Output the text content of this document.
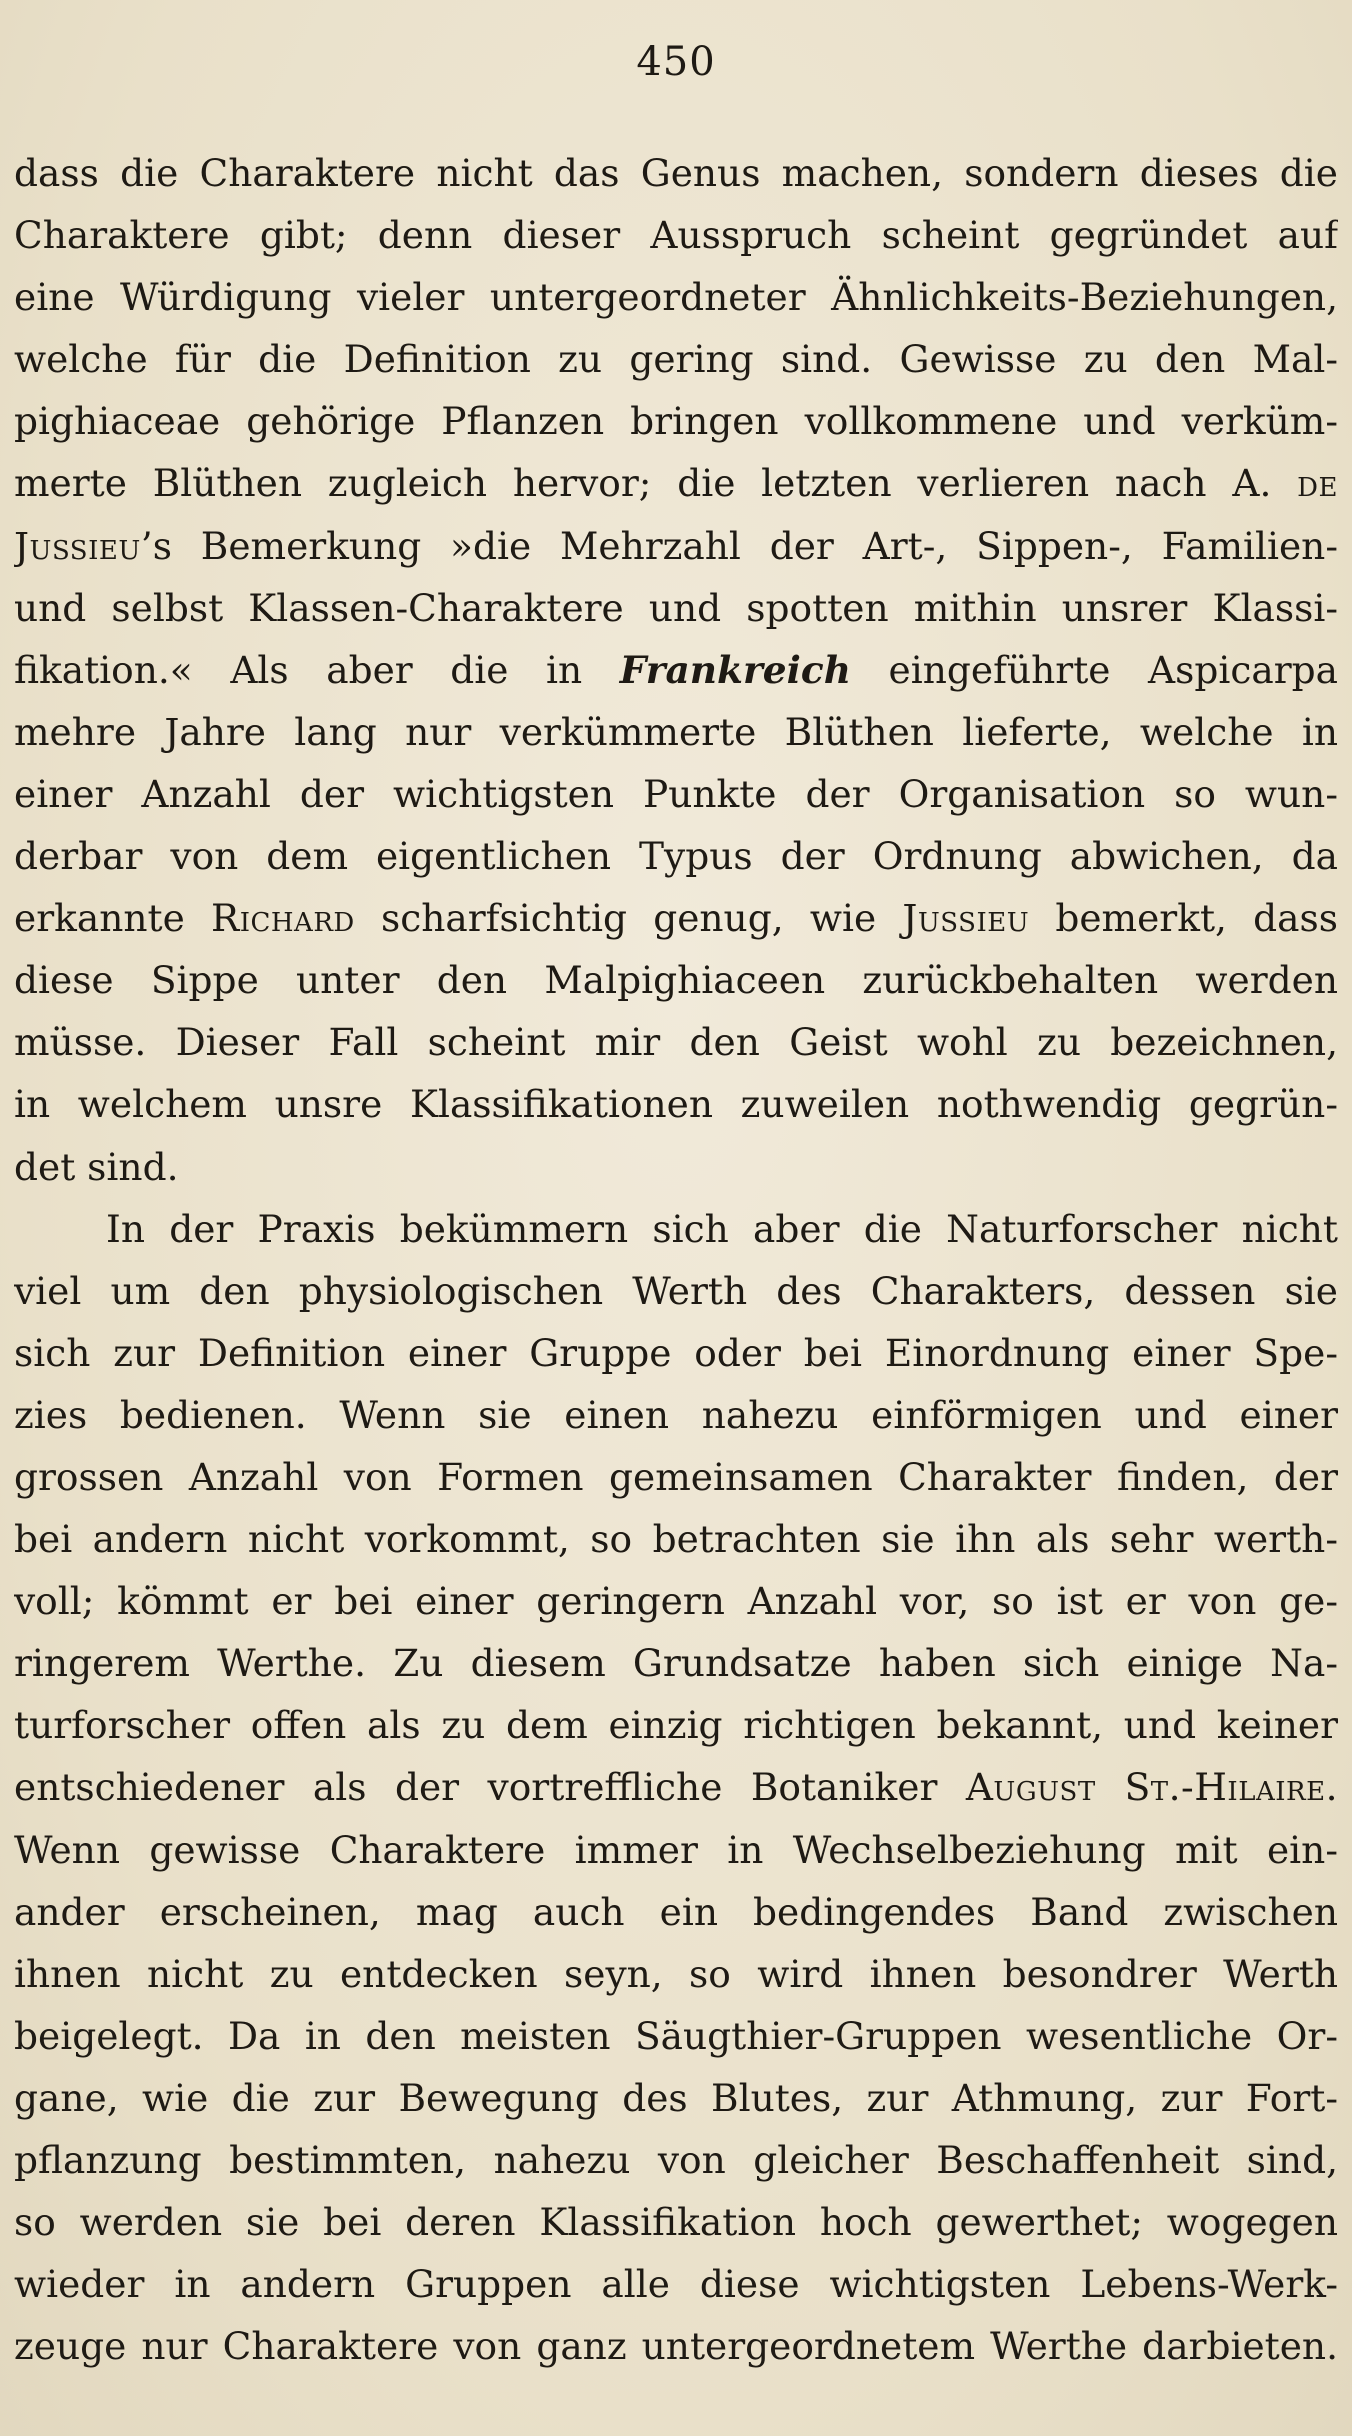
450
dass die Charaktere nicht das Genus machen, sondern dieses die
Charaktere gibt; denn dieser Ausspruch scheint gegründet auf
eine Würdigung vieler untergeordneter Ähnlichkeits-Beziehungen,
welche für die Definition zu gering sind. Gewisse zu den Mal-
pighiaceae gehörige Pflanzen bringen vollkommene und verküm-
merte Blüthen zugleich hervor; die letzten verlieren nach A. de
Jussieu’s Bemerkung »die Mehrzahl der Art-, Sippen-, Familien-
und selbst Klassen-Charaktere und spotten mithin unsrer Klassi-
fikation.« Als aber die in Frankreich eingeführte Aspicarpa
mehre Jahre lang nur verkümmerte Blüthen lieferte, welche in
einer Anzahl der wichtigsten Punkte der Organisation so wun-
derbar von dem eigentlichen Typus der Ordnung abwichen, da
erkannte Richard scharfsichtig genug, wie Jussieu bemerkt, dass
diese Sippe unter den Malpighiaceen zurückbehalten werden
müsse. Dieser Fall scheint mir den Geist wohl zu bezeichnen,
in welchem unsre Klassifikationen zuweilen nothwendig gegrün-
det sind.
In der Praxis bekümmern sich aber die Naturforscher nicht
viel um den physiologischen Werth des Charakters, dessen sie
sich zur Definition einer Gruppe oder bei Einordnung einer Spe-
zies bedienen. Wenn sie einen nahezu einförmigen und einer
grossen Anzahl von Formen gemeinsamen Charakter finden, der
bei andern nicht vorkommt, so betrachten sie ihn als sehr werth-
voll; kömmt er bei einer geringern Anzahl vor, so ist er von ge-
ringerem Werthe. Zu diesem Grundsatze haben sich einige Na-
turforscher offen als zu dem einzig richtigen bekannt, und keiner
entschiedener als der vortreffliche Botaniker August St.-Hilaire.
Wenn gewisse Charaktere immer in Wechselbeziehung mit ein-
ander erscheinen, mag auch ein bedingendes Band zwischen
ihnen nicht zu entdecken seyn, so wird ihnen besondrer Werth
beigelegt. Da in den meisten Säugthier-Gruppen wesentliche Or-
gane, wie die zur Bewegung des Blutes, zur Athmung, zur Fort-
pflanzung bestimmten, nahezu von gleicher Beschaffenheit sind,
so werden sie bei deren Klassifikation hoch gewerthet; wogegen
wieder in andern Gruppen alle diese wichtigsten Lebens-Werk-
zeuge nur Charaktere von ganz untergeordnetem Werthe darbieten.
